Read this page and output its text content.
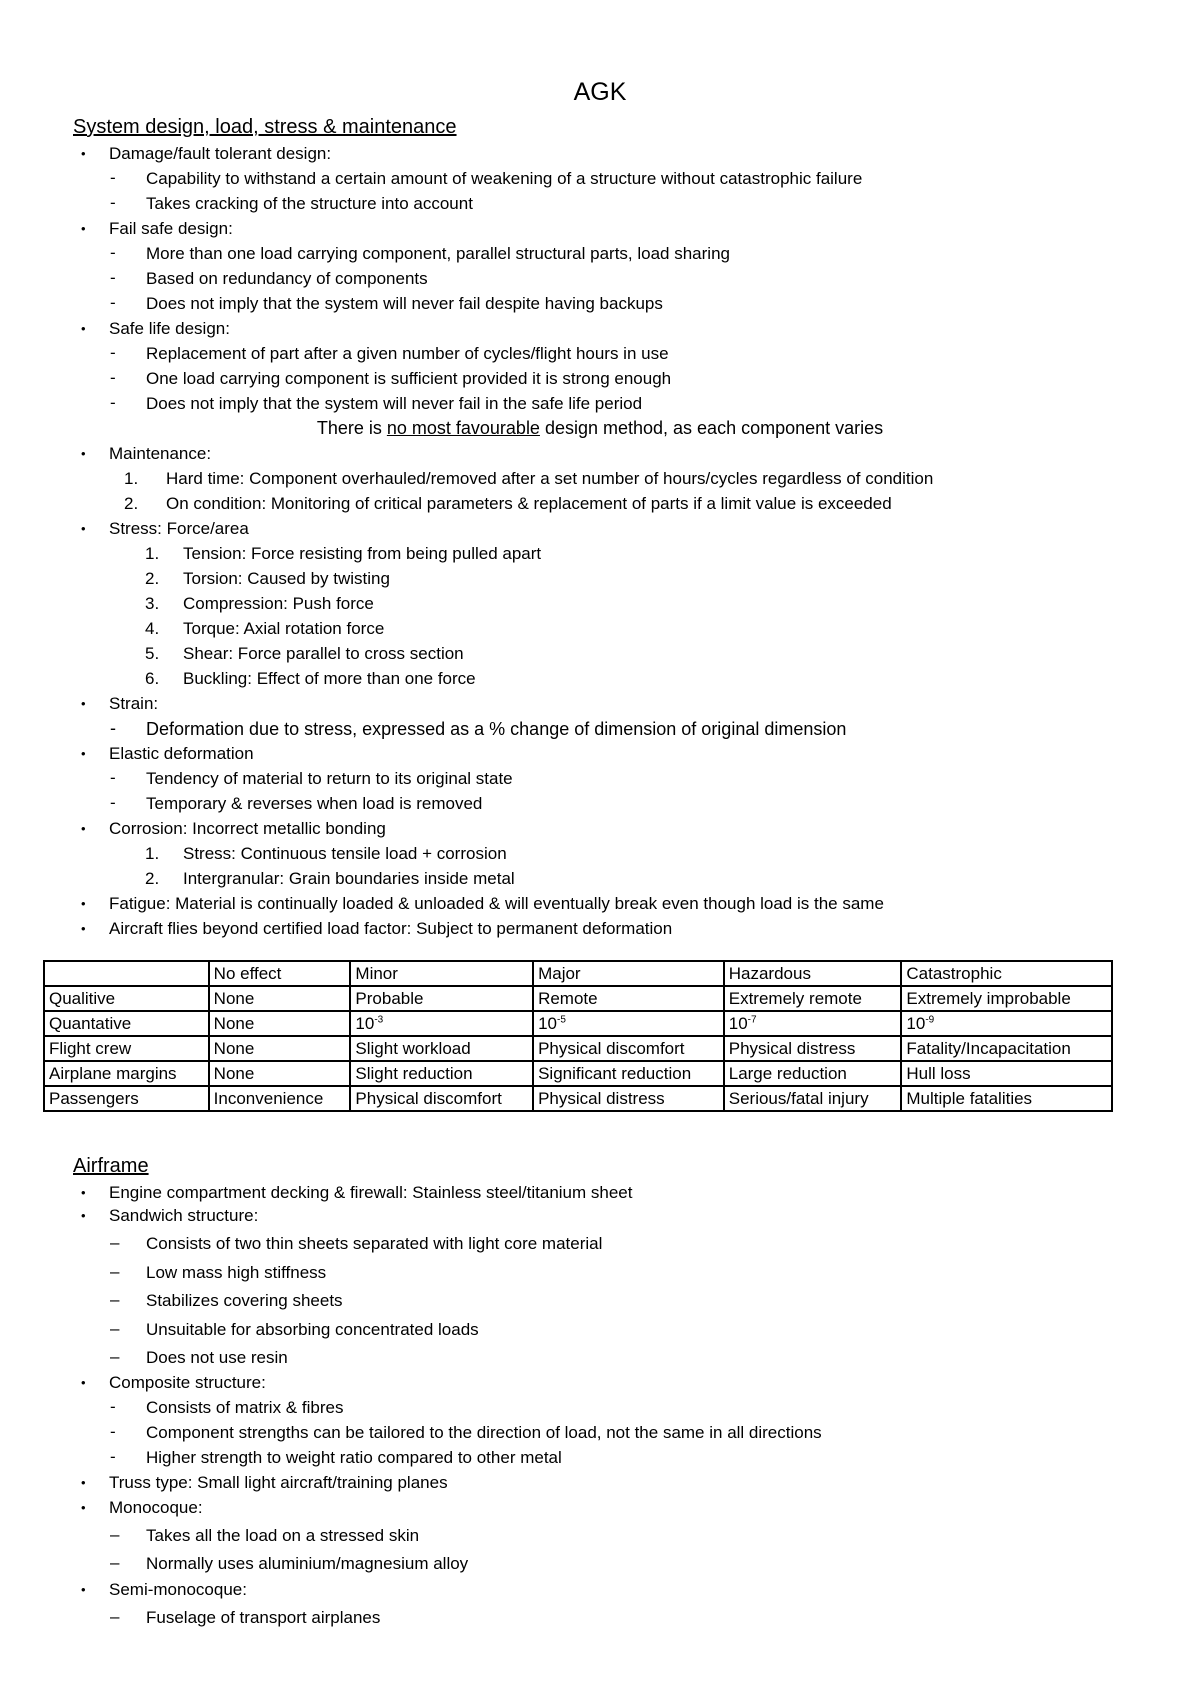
AGK
System design, load, stress & maintenance
• Damage/fault tolerant design:
- Capability to withstand a certain amount of weakening of a structure without catastrophic failure
- Takes cracking of the structure into account
• Fail safe design:
- More than one load carrying component, parallel structural parts, load sharing
- Based on redundancy of components
- Does not imply that the system will never fail despite having backups
• Safe life design:
- Replacement of part after a given number of cycles/flight hours in use
- One load carrying component is sufficient provided it is strong enough
- Does not imply that the system will never fail in the safe life period
There is no most favourable design method, as each component varies
• Maintenance:
1. Hard time: Component overhauled/removed after a set number of hours/cycles regardless of condition
2. On condition: Monitoring of critical parameters & replacement of parts if a limit value is exceeded
• Stress: Force/area
1. Tension: Force resisting from being pulled apart
2. Torsion: Caused by twisting
3. Compression: Push force
4. Torque: Axial rotation force
5. Shear: Force parallel to cross section
6. Buckling: Effect of more than one force
• Strain:
- Deformation due to stress, expressed as a % change of dimension of original dimension
• Elastic deformation
- Tendency of material to return to its original state
- Temporary & reverses when load is removed
• Corrosion: Incorrect metallic bonding
1. Stress: Continuous tensile load + corrosion
2. Intergranular: Grain boundaries inside metal
• Fatigue: Material is continually loaded & unloaded & will eventually break even though load is the same
• Aircraft flies beyond certified load factor: Subject to permanent deformation
	No effect	Minor	Major	Hazardous	Catastrophic
Qualitive	None	Probable	Remote	Extremely remote	Extremely improbable
Quantative	None	$10^{-3}$	$10^{-5}$	$10^{-7}$	$10^{-9}$
Flight crew	None	Slight workload	Physical discomfort	Physical distress	Fatality/Incapacitation
Airplane margins	None	Slight reduction	Significant reduction	Large reduction	Hull loss
Passengers	Inconvenience	Physical discomfort	Physical distress	Serious/fatal injury	Multiple fatalities
Airframe
• Engine compartment decking & firewall: Stainless steel/titanium sheet
• Sandwich structure:
– Consists of two thin sheets separated with light core material
– Low mass high stiffness
– Stabilizes covering sheets
– Unsuitable for absorbing concentrated loads
– Does not use resin
• Composite structure:
- Consists of matrix & fibres
- Component strengths can be tailored to the direction of load, not the same in all directions
- Higher strength to weight ratio compared to other metal
• Truss type: Small light aircraft/training planes
• Monocoque:
– Takes all the load on a stressed skin
– Normally uses aluminium/magnesium alloy
• Semi-monocoque:
– Fuselage of transport airplanes
